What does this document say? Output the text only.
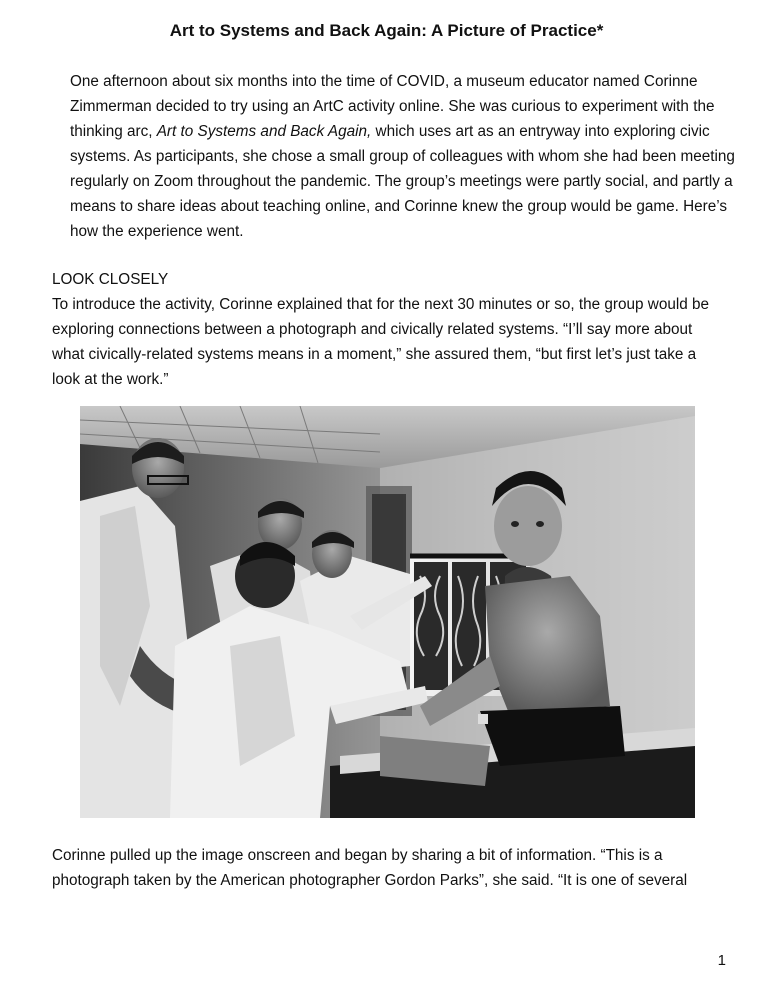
Art to Systems and Back Again: A Picture of Practice*

One afternoon about six months into the time of COVID, a museum educator named Corinne Zimmerman decided to try using an ArtC activity online. She was curious to experiment with the thinking arc, Art to Systems and Back Again, which uses art as an entryway into exploring civic systems. As participants, she chose a small group of colleagues with whom she had been meeting regularly on Zoom throughout the pandemic. The group’s meetings were partly social, and partly a means to share ideas about teaching online, and Corinne knew the group would be game. Here’s how the experience went.

LOOK CLOSELY
To introduce the activity, Corinne explained that for the next 30 minutes or so, the group would be exploring connections between a photograph and civically related systems. “I’ll say more about what civically-related systems means in a moment,” she assured them, “but first let’s just take a look at the work.”

Corinne pulled up the image onscreen and began by sharing a bit of information. “This is a photograph taken by the American photographer Gordon Parks”, she said. “It is one of several

1
